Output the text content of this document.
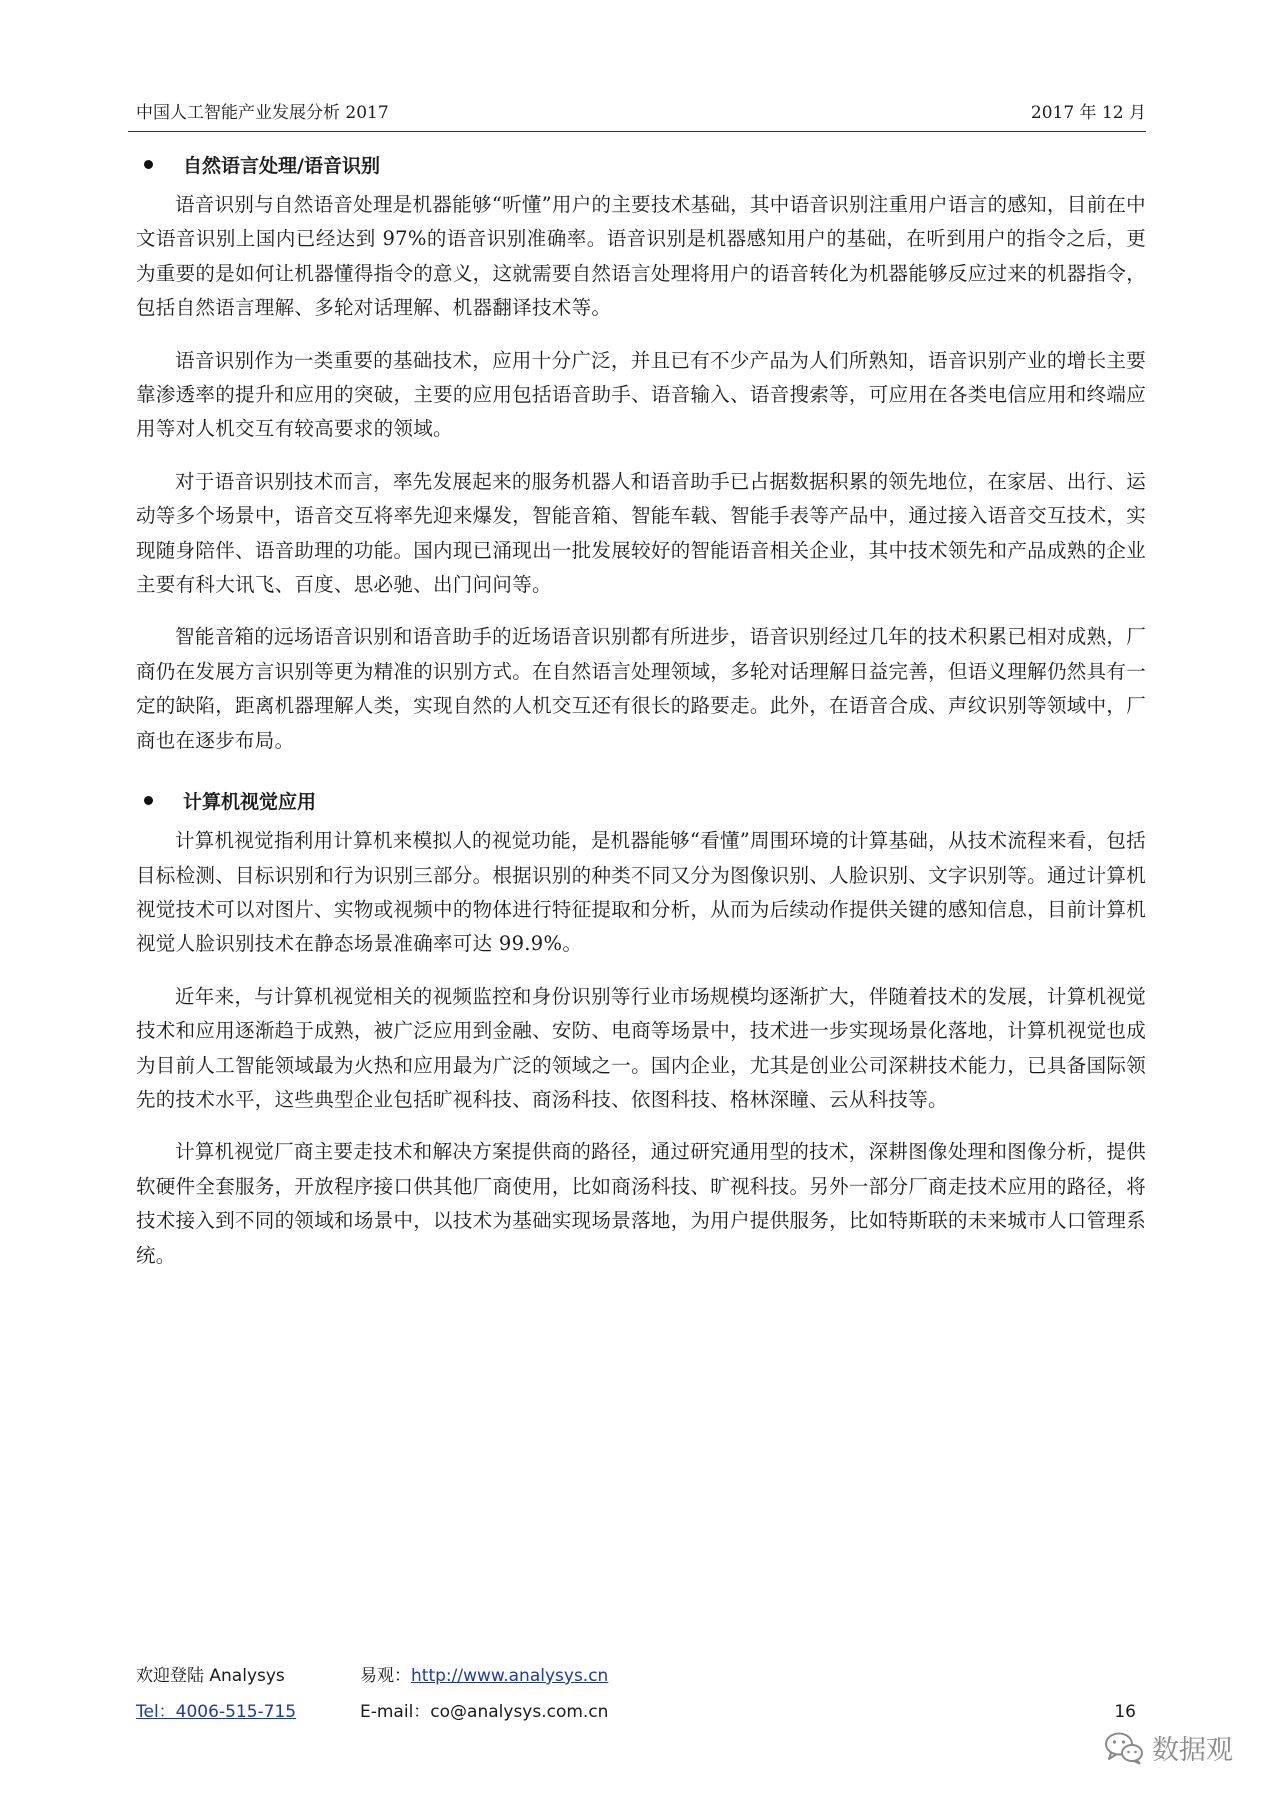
中国人工智能产业发展分析 2017	2017 年 12 月
自然语言处理/语音识别

语音识别与自然语音处理是机器能够“听懂”用户的主要技术基础，其中语音识别注重用户语言的感知，目前在中文语音识别上国内已经达到 97%的语音识别准确率。语音识别是机器感知用户的基础，在听到用户的指令之后，更为重要的是如何让机器懂得指令的意义，这就需要自然语言处理将用户的语音转化为机器能够反应过来的机器指令，包括自然语言理解、多轮对话理解、机器翻译技术等。

语音识别作为一类重要的基础技术，应用十分广泛，并且已有不少产品为人们所熟知，语音识别产业的增长主要靠渗透率的提升和应用的突破，主要的应用包括语音助手、语音输入、语音搜索等，可应用在各类电信应用和终端应用等对人机交互有较高要求的领域。

对于语音识别技术而言，率先发展起来的服务机器人和语音助手已占据数据积累的领先地位，在家居、出行、运动等多个场景中，语音交互将率先迎来爆发，智能音箱、智能车载、智能手表等产品中，通过接入语音交互技术，实现随身陪伴、语音助理的功能。国内现已涌现出一批发展较好的智能语音相关企业，其中技术领先和产品成熟的企业主要有科大讯飞、百度、思必驰、出门问问等。

智能音箱的远场语音识别和语音助手的近场语音识别都有所进步，语音识别经过几年的技术积累已相对成熟，厂商仍在发展方言识别等更为精准的识别方式。在自然语言处理领域，多轮对话理解日益完善，但语义理解仍然具有一定的缺陷，距离机器理解人类，实现自然的人机交互还有很长的路要走。此外，在语音合成、声纹识别等领域中，厂商也在逐步布局。

计算机视觉应用

计算机视觉指利用计算机来模拟人的视觉功能，是机器能够“看懂”周围环境的计算基础，从技术流程来看，包括目标检测、目标识别和行为识别三部分。根据识别的种类不同又分为图像识别、人脸识别、文字识别等。通过计算机视觉技术可以对图片、实物或视频中的物体进行特征提取和分析，从而为后续动作提供关键的感知信息，目前计算机视觉人脸识别技术在静态场景准确率可达 99.9%。

近年来，与计算机视觉相关的视频监控和身份识别等行业市场规模均逐渐扩大，伴随着技术的发展，计算机视觉技术和应用逐渐趋于成熟，被广泛应用到金融、安防、电商等场景中，技术进一步实现场景化落地，计算机视觉也成为目前人工智能领域最为火热和应用最为广泛的领域之一。国内企业，尤其是创业公司深耕技术能力，已具备国际领先的技术水平，这些典型企业包括旷视科技、商汤科技、依图科技、格林深瞳、云从科技等。

计算机视觉厂商主要走技术和解决方案提供商的路径，通过研究通用型的技术，深耕图像处理和图像分析，提供软硬件全套服务，开放程序接口供其他厂商使用，比如商汤科技、旷视科技。另外一部分厂商走技术应用的路径，将技术接入到不同的领域和场景中，以技术为基础实现场景落地，为用户提供服务，比如特斯联的未来城市人口管理系统。

欢迎登陆 Analysys	易观：http://www.analysys.cn
Tel：4006-515-715	E-mail：co@analysys.com.cn	16
数据观
